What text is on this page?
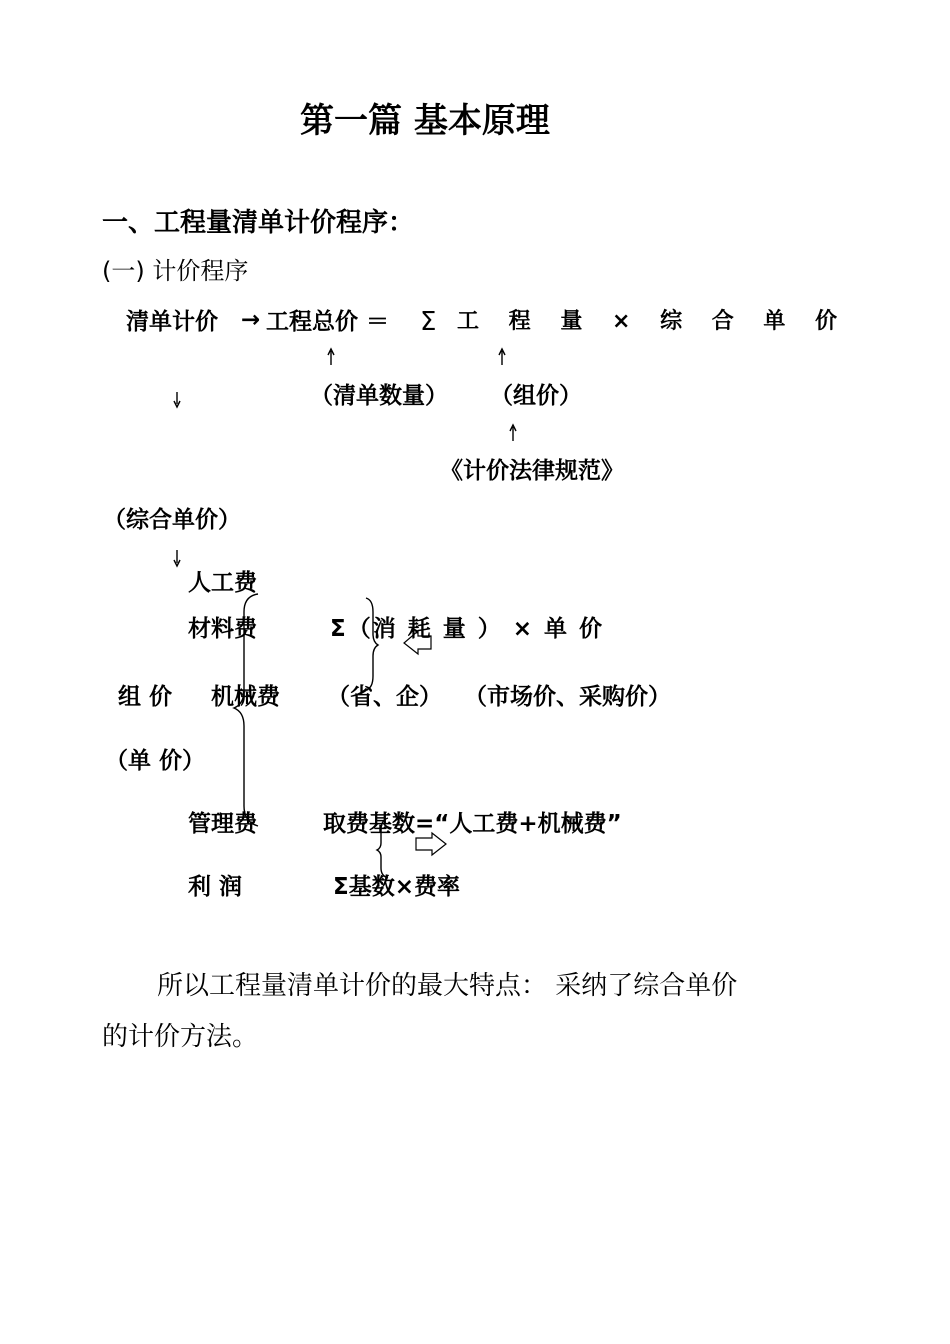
第一篇 基本原理
一、工程量清单计价程序：
(一) 计价程序
清单计价 → 工程总价 ＝ Σ 工 程 量 × 综 合 单 价
（清单数量） （组价）
《计价法律规范》
（综合单价）
人工费
材料费	Σ（消 耗 量 ） × 单 价
组 价 机械费 （省、企） （市场价、采购价）
（单 价）
管理费	取费基数=“人工费+机械费”
利 润	Σ基数×费率
所以工程量清单计价的最大特点： 采纳了综合单价
的计价方法。
